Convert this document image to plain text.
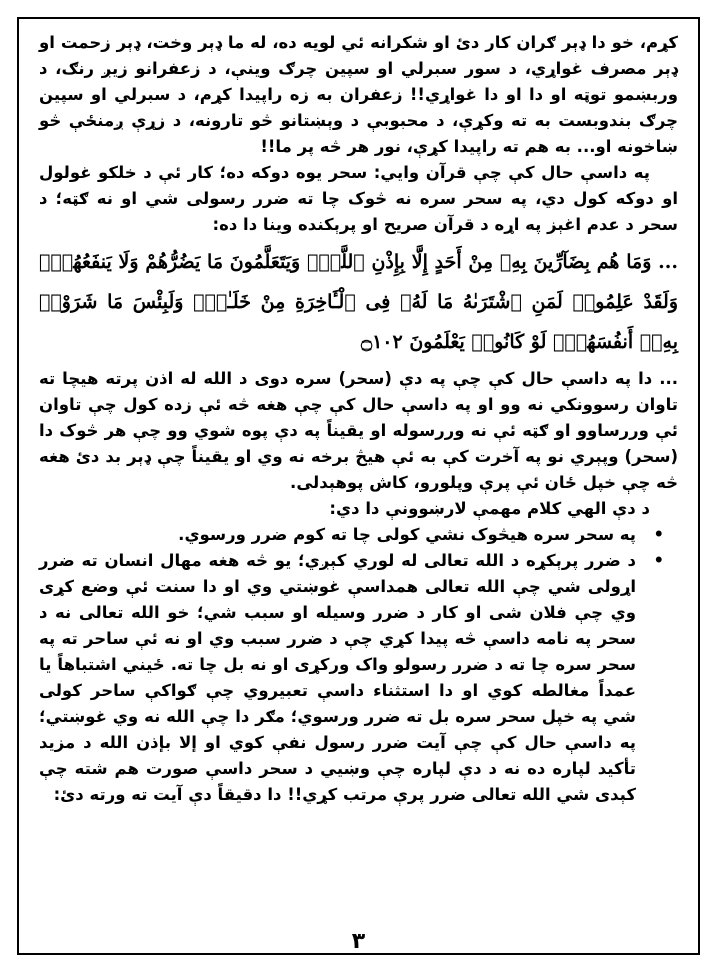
کړم، خو دا ډېر ګران کار دئ او شکرانه ئي لویه ده، له ما ډېر وخت، ډېر زحمت او ډېر مصرف غواړي، د سور سبرلي او سپین چرګ وینې، د زعفرانو زیږ رنګ، د وربښمو توټه او دا او دا غواړي!! زعفران به زه راپیدا کړم، د سبرلي او سپین چرګ بندوبست به ته وکړې، د محبوبې د وېښتانو څو تارونه، د زړې ږمنځې څو ښاخونه او... به هم ته راپیدا کړې، نور هر څه پر ما!!

په داسې حال کې چې قرآن وایي: سحر یوه دوکه ده؛ کار ئې د خلکو غولول او دوکه کول دي، په سحر سره نه څوک چا ته ضرر رسولی شي او نه ګټه؛ د سحر د عدم اغېز په اړه د قرآن صریح او پرېکنده وینا دا ده:

... وَمَا هُم بِضَآرِّينَ بِهِۦ مِنْ أَحَدٍ إِلَّا بِإِذْنِ ٱللَّهِۚ وَيَتَعَلَّمُونَ مَا يَضُرُّهُمْ وَلَا يَنفَعُهُمْۚ وَلَقَدْ عَلِمُوا۟ لَمَنِ ٱشْتَرَىٰهُ مَا لَهُۥ فِى ٱلْـَٔاخِرَةِ مِنْ خَلَـٰقٍۚ وَلَبِئْسَ مَا شَرَوْا۟ بِهِۦٓ أَنفُسَهُمْۚ لَوْ كَانُوا۟ يَعْلَمُونَ ۝١٠٢

... دا په داسې حال کې چې په دې (سحر) سره دوی د الله له اذن پرته هیچا ته تاوان رسوونکي نه وو او په داسې حال کې چې هغه څه ئې زده کول چې تاوان ئې وررساوو او ګټه ئې نه وررسوله او یقیناً په دې پوه شوي وو چې هر څوک دا (سحر) وپېري نو په آخرت کې به ئې هیڅ برخه نه وي او یقیناً چې ډېر بد دئ هغه څه چې خپل ځان ئې پرې وپلورو، کاش پوهېدلی.

د دې الهي کلام مهمې لارښوونې دا دي:

•
په سحر سره هیڅوک نشي کولی چا ته کوم ضرر ورسوي.
•
د ضرر پرېکړه د الله تعالی له لوري کېږي؛ یو څه هغه مهال انسان ته ضرر اړولی شي چې الله تعالی همداسې غوښتي وي او دا سنت ئې وضع کړی وي چې فلان شی او کار د ضرر وسیله او سبب شي؛ خو الله تعالی نه د سحر په نامه داسې څه پیدا کړي چې د ضرر سبب وي او نه ئې ساحر ته په سحر سره چا ته د ضرر رسولو واک ورکړی او نه بل چا ته. ځیني اشتباهاً یا عمداً مغالطه کوي او دا استثناء داسې تعبیروي چې ګواکې ساحر کولی شي په خپل سحر سره بل ته ضرر ورسوي؛ مګر دا چې الله نه وي غوښتي؛ په داسې حال کې چې آیت ضرر رسول نفې کوي او إلا بإذن الله د مزید تأکید لپاره ده نه د دې لپاره چې وښیي د سحر داسې صورت هم شته چې کېدی شي الله تعالی ضرر پرې مرتب کړي!! دا دقیقاً دې آیت ته ورته دئ:
۳
